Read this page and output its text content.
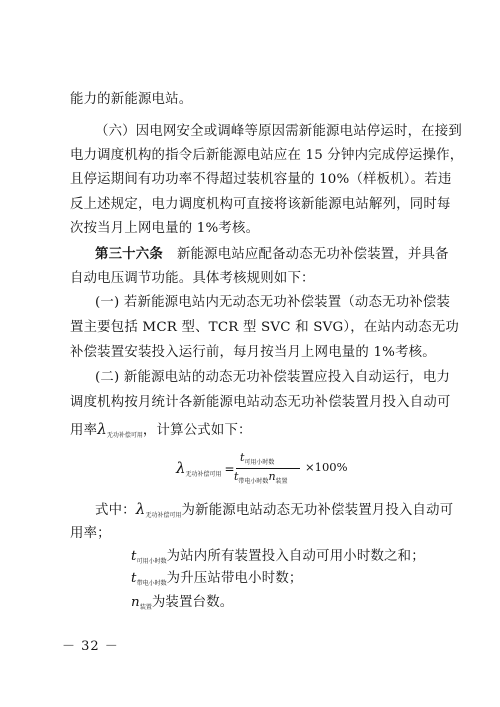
能力的新能源电站。
（六）因电网安全或调峰等原因需新能源电站停运时，在接到
电力调度机构的指令后新能源电站应在 15 分钟内完成停运操作，
且停运期间有功功率不得超过装机容量的 10%（样板机）。若违
反上述规定，电力调度机构可直接将该新能源电站解列，同时每
次按当月上网电量的 1%考核。
第三十六条 新能源电站应配备动态无功补偿装置，并具备
自动电压调节功能。具体考核规则如下：
(一) 若新能源电站内无动态无功补偿装置（动态无功补偿装
置主要包括 MCR 型、TCR 型 SVC 和 SVG），在站内动态无功
补偿装置安装投入运行前，每月按当月上网电量的 1%考核。
(二) 新能源电站的动态无功补偿装置应投入自动运行，电力
调度机构按月统计各新能源电站动态无功补偿装置月投入自动可
用率$\lambda_{无功补偿可用}$，计算公式如下：
$\lambda_{无功补偿可用}$ =
$t_{可用小时数}$
$t_{带电小时数}n_{装置}$
×100%
式中：$\lambda_{无功补偿可用}$为新能源电站动态无功补偿装置月投入自动可
用率；
$t_{可用小时数}$为站内所有装置投入自动可用小时数之和；
$t_{带电小时数}$为升压站带电小时数；
$n_{装置}$为装置台数。
－ 32 －
